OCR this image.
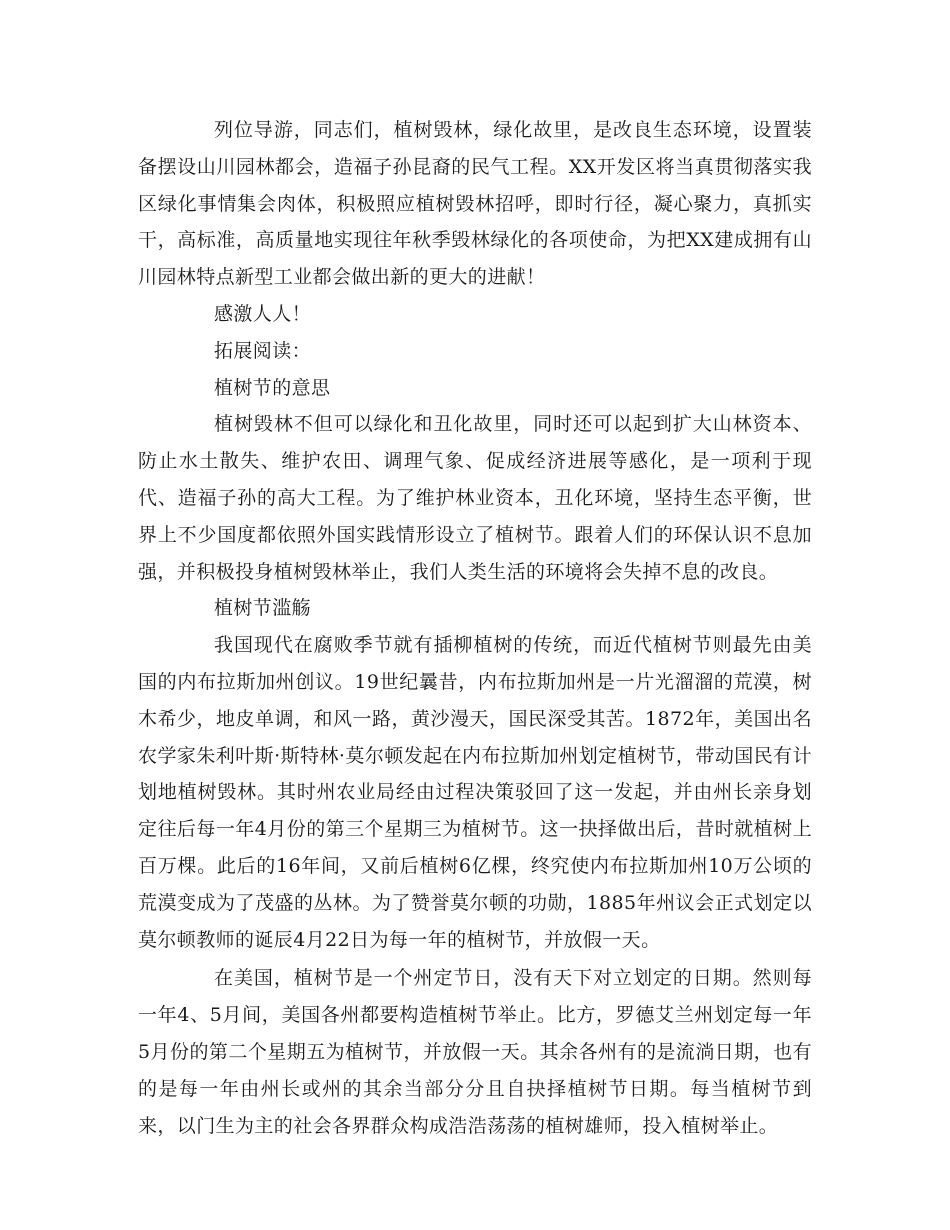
列位导游，同志们，植树毁林，绿化故里，是改良生态环境，设置装备摆设山川园林都会，造福子孙昆裔的民气工程。XX开发区将当真贯彻落实我区绿化事情集会肉体，积极照应植树毁林招呼，即时行径，凝心聚力，真抓实干，高标准，高质量地实现往年秋季毁林绿化的各项使命，为把XX建成拥有山川园林特点新型工业都会做出新的更大的进献！

感激人人！

拓展阅读：

植树节的意思

植树毁林不但可以绿化和丑化故里，同时还可以起到扩大山林资本、防止水土散失、维护农田、调理气象、促成经济进展等感化，是一项利于现代、造福子孙的高大工程。为了维护林业资本，丑化环境，坚持生态平衡，世界上不少国度都依照外国实践情形设立了植树节。跟着人们的环保认识不息加强，并积极投身植树毁林举止，我们人类生活的环境将会失掉不息的改良。

植树节滥觞

我国现代在腐败季节就有插柳植树的传统，而近代植树节则最先由美国的内布拉斯加州创议。19世纪曩昔，内布拉斯加州是一片光溜溜的荒漠，树木希少，地皮单调，和风一路，黄沙漫天，国民深受其苦。1872年，美国出名农学家朱利叶斯·斯特林·莫尔顿发起在内布拉斯加州划定植树节，带动国民有计划地植树毁林。其时州农业局经由过程决策驳回了这一发起，并由州长亲身划定往后每一年4月份的第三个星期三为植树节。这一抉择做出后，昔时就植树上百万棵。此后的16年间，又前后植树6亿棵，终究使内布拉斯加州10万公顷的荒漠变成为了茂盛的丛林。为了赞誉莫尔顿的功勋，1885年州议会正式划定以莫尔顿教师的诞辰4月22日为每一年的植树节，并放假一天。

在美国，植树节是一个州定节日，没有天下对立划定的日期。然则每一年4、5月间，美国各州都要构造植树节举止。比方，罗德艾兰州划定每一年5月份的第二个星期五为植树节，并放假一天。其余各州有的是流淌日期，也有的是每一年由州长或州的其余当部分分且自抉择植树节日期。每当植树节到来，以门生为主的社会各界群众构成浩浩荡荡的植树雄师，投入植树举止。
